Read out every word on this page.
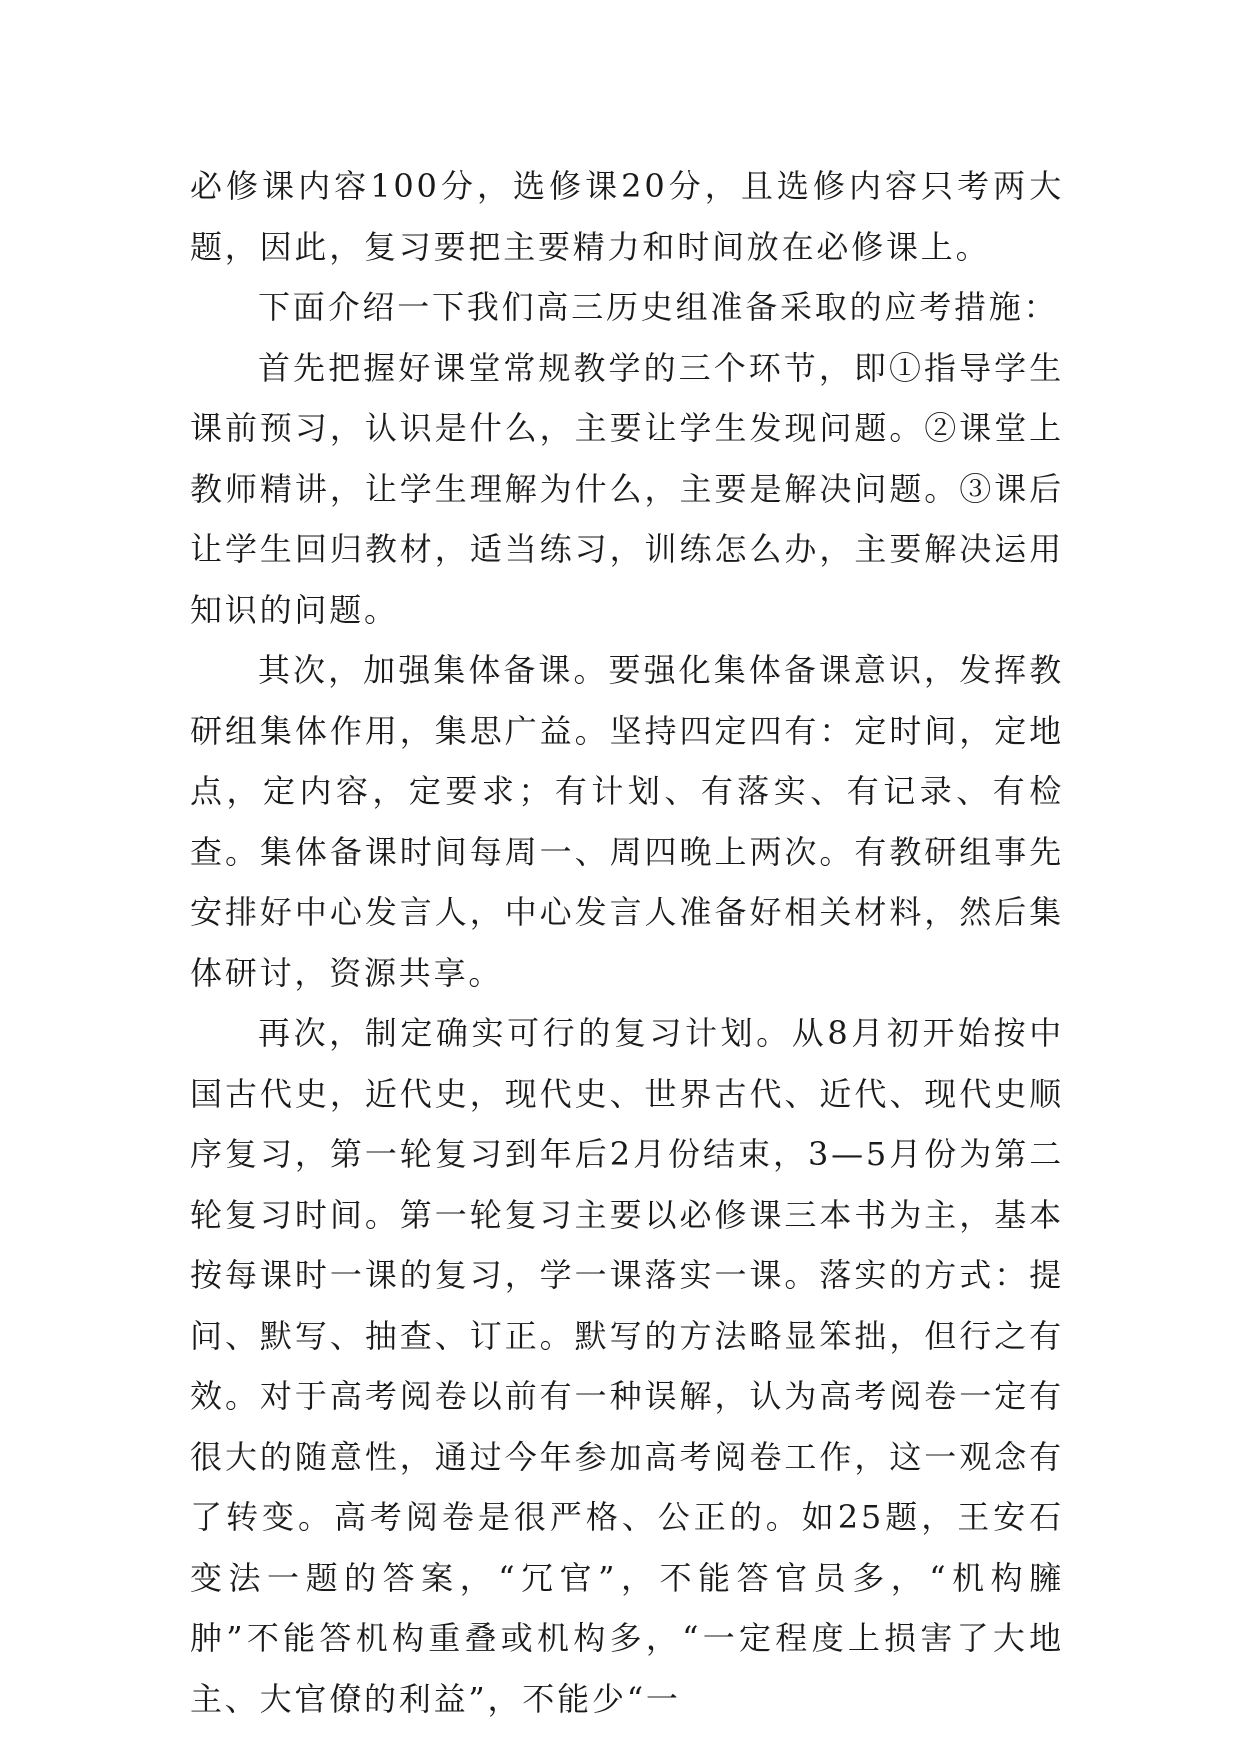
必修课内容100分，选修课20分，且选修内容只考两大题，因此，复习要把主要精力和时间放在必修课上。

下面介绍一下我们高三历史组准备采取的应考措施：

首先把握好课堂常规教学的三个环节，即①指导学生课前预习，认识是什么，主要让学生发现问题。②课堂上教师精讲，让学生理解为什么，主要是解决问题。③课后让学生回归教材，适当练习，训练怎么办，主要解决运用知识的问题。

其次，加强集体备课。要强化集体备课意识，发挥教研组集体作用，集思广益。坚持四定四有：定时间，定地点，定内容，定要求；有计划、有落实、有记录、有检查。集体备课时间每周一、周四晚上两次。有教研组事先安排好中心发言人，中心发言人准备好相关材料，然后集体研讨，资源共享。

再次，制定确实可行的复习计划。从8月初开始按中国古代史，近代史，现代史、世界古代、近代、现代史顺序复习，第一轮复习到年后2月份结束，3—5月份为第二轮复习时间。第一轮复习主要以必修课三本书为主，基本按每课时一课的复习，学一课落实一课。落实的方式：提问、默写、抽查、订正。默写的方法略显笨拙，但行之有效。对于高考阅卷以前有一种误解，认为高考阅卷一定有很大的随意性，通过今年参加高考阅卷工作，这一观念有了转变。高考阅卷是很严格、公正的。如25题，王安石变法一题的答案，“冗官”，不能答官员多，“机构臃肿”不能答机构重叠或机构多，“一定程度上损害了大地主、大官僚的利益”，不能少“一
